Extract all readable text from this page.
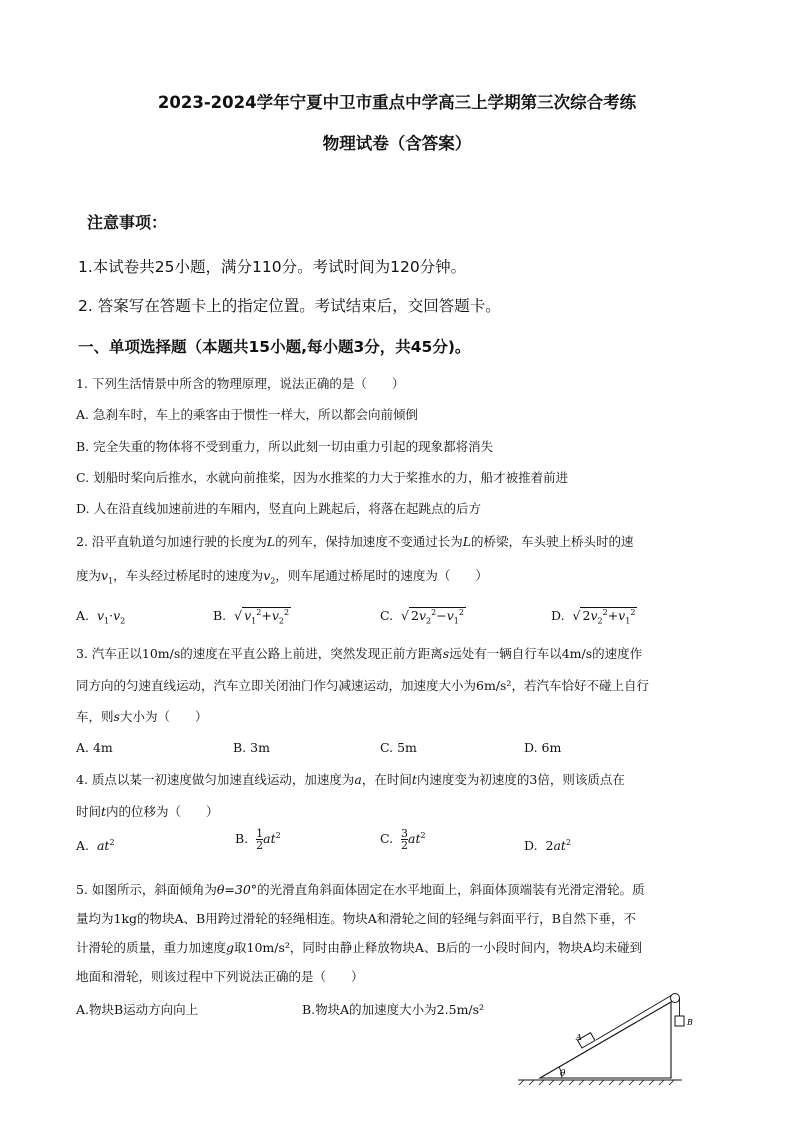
2023-2024学年宁夏中卫市重点中学高三上学期第三次综合考练
物理试卷（含答案）
注意事项：
1.本试卷共25小题，满分110分。考试时间为120分钟。
2. 答案写在答题卡上的指定位置。考试结束后，交回答题卡。
一、单项选择题（本题共15小题,每小题3分，共45分)。
1. 下列生活情景中所含的物理原理，说法正确的是（　　）
A. 急刹车时，车上的乘客由于惯性一样大，所以都会向前倾倒
B. 完全失重的物体将不受到重力，所以此刻一切由重力引起的现象都将消失
C. 划船时桨向后推水，水就向前推桨，因为水推桨的力大于桨推水的力，船才被推着前进
D. 人在沿直线加速前进的车厢内，竖直向上跳起后，将落在起跳点的后方
2. 沿平直轨道匀加速行驶的长度为L的列车，保持加速度不变通过长为L的桥梁，车头驶上桥头时的速
度为$v_1$，车头经过桥尾时的速度为$v_2$，则车尾通过桥尾时的速度为（　　）
A. $v_1\cdot v_2$	B.  √ $v_1^2+v_2^2$	C.  √ $2v_2^2-v_1^2$	D.  √ $2v_2^2+v_1^2$
3. 汽车正以10m/s的速度在平直公路上前进，突然发现正前方距离s远处有一辆自行车以4m/s的速度作
同方向的匀速直线运动，汽车立即关闭油门作匀减速运动，加速度大小为6m/s²，若汽车恰好不碰上自行
车，则s大小为（　　）
A. 4m	B. 3m	C. 5m	D. 6m
4. 质点以某一初速度做匀加速直线运动，加速度为a，在时间t内速度变为初速度的3倍，则该质点在
时间t内的位移为（　　）
A. $at^2$	B. $\frac{1}{2} at^2$	C. $\frac{3}{2} at^2$
D. $2at^2$
5. 如图所示，斜面倾角为θ=30°的光滑直角斜面体固定在水平地面上，斜面体顶端装有光滑定滑轮。质
量均为1kg的物块A、B用跨过滑轮的轻绳相连。物块A和滑轮之间的轻绳与斜面平行，B自然下垂，不
计滑轮的质量，重力加速度g取10m/s²，同时由静止释放物块A、B后的一小段时间内，物块A均未碰到
地面和滑轮，则该过程中下列说法正确的是（　　）
A.物块B运动方向向上	B.物块A的加速度大小为2.5m/s²
θ
A
B
